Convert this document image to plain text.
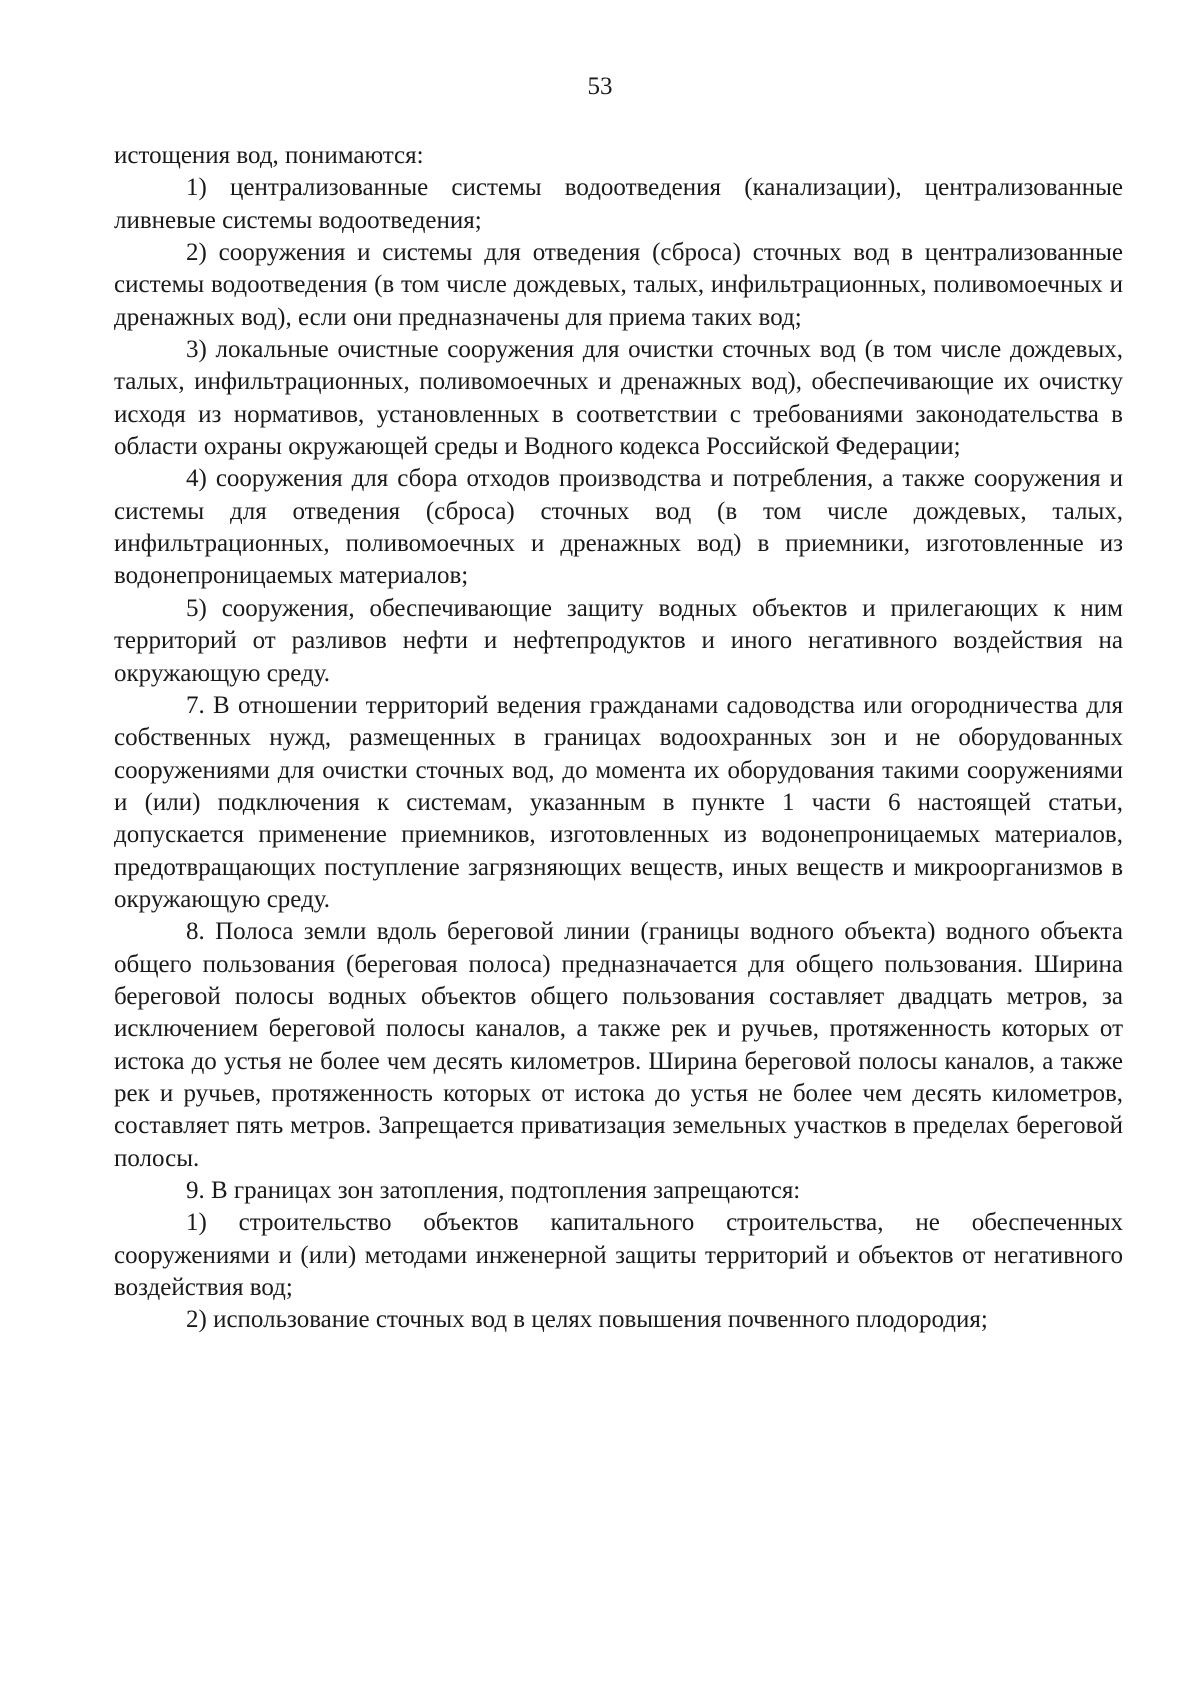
53

истощения вод, понимаются:

1) централизованные системы водоотведения (канализации), централизованные ливневые системы водоотведения;

2) сооружения и системы для отведения (сброса) сточных вод в централизованные системы водоотведения (в том числе дождевых, талых, инфильтрационных, поливомоечных и дренажных вод), если они предназначены для приема таких вод;

3) локальные очистные сооружения для очистки сточных вод (в том числе дождевых, талых, инфильтрационных, поливомоечных и дренажных вод), обеспечивающие их очистку исходя из нормативов, установленных в соответствии с требованиями законодательства в области охраны окружающей среды и Водного кодекса Российской Федерации;

4) сооружения для сбора отходов производства и потребления, а также сооружения и системы для отведения (сброса) сточных вод (в том числе дождевых, талых, инфильтрационных, поливомоечных и дренажных вод) в приемники, изготовленные из водонепроницаемых материалов;

5) сооружения, обеспечивающие защиту водных объектов и прилегающих к ним территорий от разливов нефти и нефтепродуктов и иного негативного воздействия на окружающую среду.

7. В отношении территорий ведения гражданами садоводства или огородничества для собственных нужд, размещенных в границах водоохранных зон и не оборудованных сооружениями для очистки сточных вод, до момента их оборудования такими сооружениями и (или) подключения к системам, указанным в пункте 1 части 6 настоящей статьи, допускается применение приемников, изготовленных из водонепроницаемых материалов, предотвращающих поступление загрязняющих веществ, иных веществ и микроорганизмов в окружающую среду.

8. Полоса земли вдоль береговой линии (границы водного объекта) водного объекта общего пользования (береговая полоса) предназначается для общего пользования. Ширина береговой полосы водных объектов общего пользования составляет двадцать метров, за исключением береговой полосы каналов, а также рек и ручьев, протяженность которых от истока до устья не более чем десять километров. Ширина береговой полосы каналов, а также рек и ручьев, протяженность которых от истока до устья не более чем десять километров, составляет пять метров. Запрещается приватизация земельных участков в пределах береговой полосы.

9. В границах зон затопления, подтопления запрещаются:

1) строительство объектов капитального строительства, не обеспеченных сооружениями и (или) методами инженерной защиты территорий и объектов от негативного воздействия вод;

2) использование сточных вод в целях повышения почвенного плодородия;
